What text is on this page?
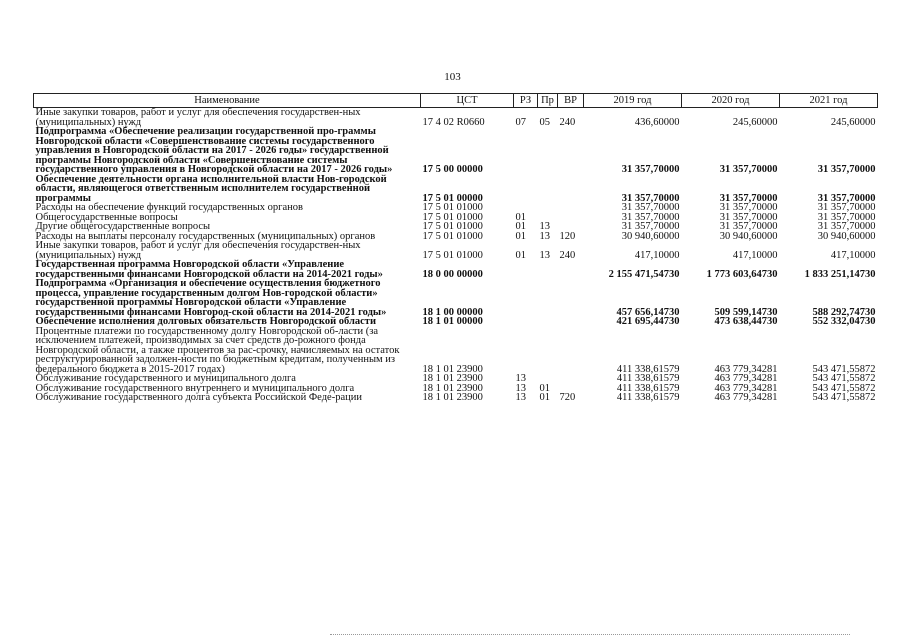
103
Наименование	ЦСТ	РЗ	Пр	ВР	2019 год	2020 год	2021 год
Иные закупки товаров, работ и услуг для обеспечения государствен-ных (муниципальных) нужд	17 4 02 R0660	07	05	240	436,60000	245,60000	245,60000
Подпрограмма «Обеспечение реализации государственной про-граммы Новгородской области «Совершенствование системы государственного управления в Новгородской области на 2017 - 2026 годы» государственной программы Новгородской области «Совершенствование системы государственного управления в Новгородской области на 2017 - 2026 годы»	17 5 00 00000				31 357,70000	31 357,70000	31 357,70000
Обеспечение деятельности органа исполнительной власти Нов-городской области, являющегося ответственным исполнителем государственной программы	17 5 01 00000				31 357,70000	31 357,70000	31 357,70000
Расходы на обеспечение функций государственных органов	17 5 01 01000				31 357,70000	31 357,70000	31 357,70000
Общегосударственные вопросы	17 5 01 01000	01			31 357,70000	31 357,70000	31 357,70000
Другие общегосударственные вопросы	17 5 01 01000	01	13		31 357,70000	31 357,70000	31 357,70000
Расходы на выплаты персоналу государственных (муниципальных) органов	17 5 01 01000	01	13	120	30 940,60000	30 940,60000	30 940,60000
Иные закупки товаров, работ и услуг для обеспечения государствен-ных (муниципальных) нужд	17 5 01 01000	01	13	240	417,10000	417,10000	417,10000
Государственная программа Новгородской области «Управление государственными финансами Новгородской области на 2014-2021 годы»	18 0 00 00000				2 155 471,54730	1 773 603,64730	1 833 251,14730
Подпрограмма «Организация и обеспечение осуществления бюджетного процесса, управление государственным долгом Нов-городской области» государственной программы Новгородской области «Управление государственными финансами Новгород-ской области на 2014-2021 годы»	18 1 00 00000				457 656,14730	509 599,14730	588 292,74730
Обеспечение исполнения долговых обязательств Новгородской области	18 1 01 00000				421 695,44730	473 638,44730	552 332,04730
Процентные платежи по государственному долгу Новгородской об-ласти (за исключением платежей, производимых за счет средств до-рожного фонда Новгородской области, а также процентов за рас-срочку, начисляемых на остаток реструктурированной задолжен-ности по бюджетным кредитам, полученным из федерального бюджета в 2015-2017 годах)	18 1 01 23900				411 338,61579	463 779,34281	543 471,55872
Обслуживание государственного и муниципального долга	18 1 01 23900	13			411 338,61579	463 779,34281	543 471,55872
Обслуживание государственного внутреннего и муниципального долга	18 1 01 23900	13	01		411 338,61579	463 779,34281	543 471,55872
Обслуживание государственного долга субъекта Российской Феде-рации	18 1 01 23900	13	01	720	411 338,61579	463 779,34281	543 471,55872
